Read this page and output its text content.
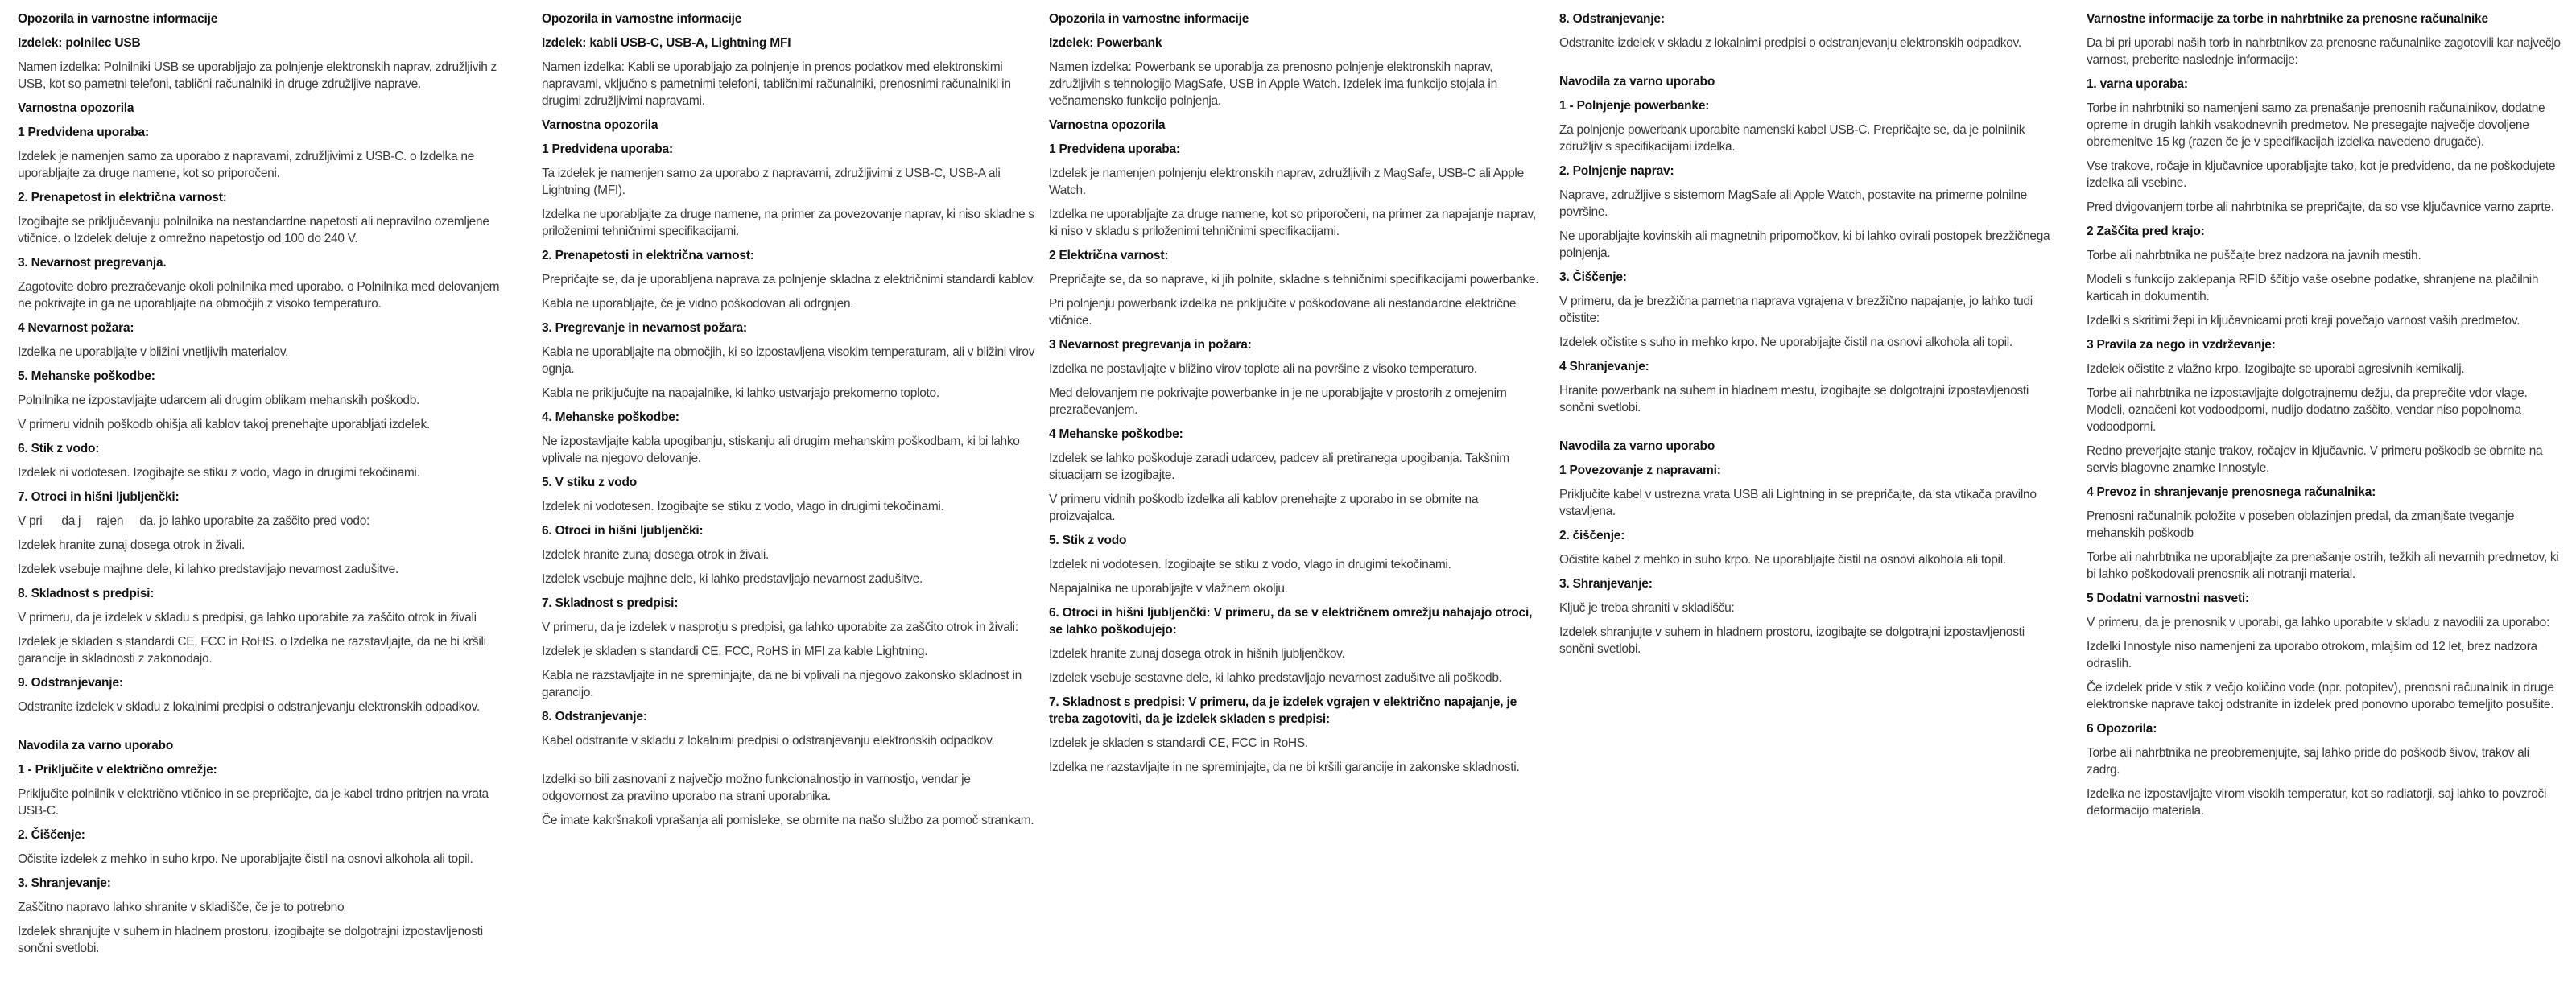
Opozorila in varnostne informacije
Izdelek: polnilec USB
Namen izdelka: Polnilniki USB se uporabljajo za polnjenje elektronskih naprav, združljivih z USB, kot so pametni telefoni, tablični računalniki in druge združljive naprave.
Varnostna opozorila
1 Predvidena uporaba:
Izdelek je namenjen samo za uporabo z napravami, združljivimi z USB-C. o Izdelka ne uporabljajte za druge namene, kot so priporočeni.
2. Prenapetost in električna varnost:
Izogibajte se priključevanju polnilnika na nestandardne napetosti ali nepravilno ozemljene vtičnice. o Izdelek deluje z omrežno napetostjo od 100 do 240 V.
3. Nevarnost pregrevanja.
Zagotovite dobro prezračevanje okoli polnilnika med uporabo. o Polnilnika med delovanjem ne pokrivajte in ga ne uporabljajte na območjih z visoko temperaturo.
4 Nevarnost požara:
Izdelka ne uporabljajte v bližini vnetljivih materialov.
5. Mehanske poškodbe:
Polnilnika ne izpostavljajte udarcem ali drugim oblikam mehanskih poškodb.
V primeru vidnih poškodb ohišja ali kablov takoj prenehajte uporabljati izdelek.
6. Stik z vodo:
Izdelek ni vodotesen. Izogibajte se stiku z vodo, vlago in drugimi tekočinami.
7. Otroci in hišni ljubljenčki:
V pri      da j     rajen     da, jo lahko uporabite za zaščito pred vodo:
Izdelek hranite zunaj dosega otrok in živali.
Izdelek vsebuje majhne dele, ki lahko predstavljajo nevarnost zadušitve.
8. Skladnost s predpisi:
V primeru, da je izdelek v skladu s predpisi, ga lahko uporabite za zaščito otrok in živali
Izdelek je skladen s standardi CE, FCC in RoHS. o Izdelka ne razstavljajte, da ne bi kršili garancije in skladnosti z zakonodajo.
9. Odstranjevanje:
Odstranite izdelek v skladu z lokalnimi predpisi o odstranjevanju elektronskih odpadkov.
Navodila za varno uporabo
1 - Priključite v električno omrežje:
Priključite polnilnik v električno vtičnico in se prepričajte, da je kabel trdno pritrjen na vrata USB-C.
2. Čiščenje:
Očistite izdelek z mehko in suho krpo. Ne uporabljajte čistil na osnovi alkohola ali topil.
3. Shranjevanje:
Zaščitno napravo lahko shranite v skladišče, če je to potrebno
Izdelek shranjujte v suhem in hladnem prostoru, izogibajte se dolgotrajni izpostavljenosti sončni svetlobi.
Opozorila in varnostne informacije
Izdelek: kabli USB-C, USB-A, Lightning MFI
Namen izdelka: Kabli se uporabljajo za polnjenje in prenos podatkov med elektronskimi napravami, vključno s pametnimi telefoni, tabličnimi računalniki, prenosnimi računalniki in drugimi združljivimi napravami.
Varnostna opozorila
1 Predvidena uporaba:
Ta izdelek je namenjen samo za uporabo z napravami, združljivimi z USB-C, USB-A ali Lightning (MFI).
Izdelka ne uporabljajte za druge namene, na primer za povezovanje naprav, ki niso skladne s priloženimi tehničnimi specifikacijami.
2. Prenapetosti in električna varnost:
Prepričajte se, da je uporabljena naprava za polnjenje skladna z električnimi standardi kablov.
Kabla ne uporabljajte, če je vidno poškodovan ali odrgnjen.
3. Pregrevanje in nevarnost požara:
Kabla ne uporabljajte na območjih, ki so izpostavljena visokim temperaturam, ali v bližini virov ognja.
Kabla ne priključujte na napajalnike, ki lahko ustvarjajo prekomerno toploto.
4. Mehanske poškodbe:
Ne izpostavljajte kabla upogibanju, stiskanju ali drugim mehanskim poškodbam, ki bi lahko vplivale na njegovo delovanje.
5. V stiku z vodo
Izdelek ni vodotesen. Izogibajte se stiku z vodo, vlago in drugimi tekočinami.
6. Otroci in hišni ljubljenčki:
Izdelek hranite zunaj dosega otrok in živali.
Izdelek vsebuje majhne dele, ki lahko predstavljajo nevarnost zadušitve.
7. Skladnost s predpisi:
V primeru, da je izdelek v nasprotju s predpisi, ga lahko uporabite za zaščito otrok in živali:
Izdelek je skladen s standardi CE, FCC, RoHS in MFI za kable Lightning.
Kabla ne razstavljajte in ne spreminjajte, da ne bi vplivali na njegovo zakonsko skladnost in garancijo.
8. Odstranjevanje:
Kabel odstranite v skladu z lokalnimi predpisi o odstranjevanju elektronskih odpadkov.
Izdelki so bili zasnovani z največjo možno funkcionalnostjo in varnostjo, vendar je odgovornost za pravilno uporabo na strani uporabnika.
Če imate kakršnakoli vprašanja ali pomisleke, se obrnite na našo službo za pomoč strankam.
Opozorila in varnostne informacije
Izdelek: Powerbank
Namen izdelka: Powerbank se uporablja za prenosno polnjenje elektronskih naprav, združljivih s tehnologijo MagSafe, USB in Apple Watch. Izdelek ima funkcijo stojala in večnamensko funkcijo polnjenja.
Varnostna opozorila
1 Predvidena uporaba:
Izdelek je namenjen polnjenju elektronskih naprav, združljivih z MagSafe, USB-C ali Apple Watch.
Izdelka ne uporabljajte za druge namene, kot so priporočeni, na primer za napajanje naprav, ki niso v skladu s priloženimi tehničnimi specifikacijami.
2 Električna varnost:
Prepričajte se, da so naprave, ki jih polnite, skladne s tehničnimi specifikacijami powerbanke.
Pri polnjenju powerbank izdelka ne priključite v poškodovane ali nestandardne električne vtičnice.
3 Nevarnost pregrevanja in požara:
Izdelka ne postavljajte v bližino virov toplote ali na površine z visoko temperaturo.
Med delovanjem ne pokrivajte powerbanke in je ne uporabljajte v prostorih z omejenim prezračevanjem.
4 Mehanske poškodbe:
Izdelek se lahko poškoduje zaradi udarcev, padcev ali pretiranega upogibanja. Takšnim situacijam se izogibajte.
V primeru vidnih poškodb izdelka ali kablov prenehajte z uporabo in se obrnite na proizvajalca.
5. Stik z vodo
Izdelek ni vodotesen. Izogibajte se stiku z vodo, vlago in drugimi tekočinami.
Napajalnika ne uporabljajte v vlažnem okolju.
6. Otroci in hišni ljubljenčki: V primeru, da se v električnem omrežju nahajajo otroci, se lahko poškodujejo:
Izdelek hranite zunaj dosega otrok in hišnih ljubljenčkov.
Izdelek vsebuje sestavne dele, ki lahko predstavljajo nevarnost zadušitve ali poškodb.
7. Skladnost s predpisi: V primeru, da je izdelek vgrajen v električno napajanje, je treba zagotoviti, da je izdelek skladen s predpisi:
Izdelek je skladen s standardi CE, FCC in RoHS.
Izdelka ne razstavljajte in ne spreminjajte, da ne bi kršili garancije in zakonske skladnosti.
8. Odstranjevanje:
Odstranite izdelek v skladu z lokalnimi predpisi o odstranjevanju elektronskih odpadkov.
Navodila za varno uporabo
1 - Polnjenje powerbanke:
Za polnjenje powerbank uporabite namenski kabel USB-C. Prepričajte se, da je polnilnik združljiv s specifikacijami izdelka.
2. Polnjenje naprav:
Naprave, združljive s sistemom MagSafe ali Apple Watch, postavite na primerne polnilne površine.
Ne uporabljajte kovinskih ali magnetnih pripomočkov, ki bi lahko ovirali postopek brezžičnega polnjenja.
3. Čiščenje:
V primeru, da je brezžična pametna naprava vgrajena v brezžično napajanje, jo lahko tudi očistite:
Izdelek očistite s suho in mehko krpo. Ne uporabljajte čistil na osnovi alkohola ali topil.
4 Shranjevanje:
Hranite powerbank na suhem in hladnem mestu, izogibajte se dolgotrajni izpostavljenosti sončni svetlobi.
Navodila za varno uporabo
1 Povezovanje z napravami:
Priključite kabel v ustrezna vrata USB ali Lightning in se prepričajte, da sta vtikača pravilno vstavljena.
2. čiščenje:
Očistite kabel z mehko in suho krpo. Ne uporabljajte čistil na osnovi alkohola ali topil.
3. Shranjevanje:
Ključ je treba shraniti v skladišču:
Izdelek shranjujte v suhem in hladnem prostoru, izogibajte se dolgotrajni izpostavljenosti sončni svetlobi.
Varnostne informacije za torbe in nahrbtnike za prenosne računalnike
Da bi pri uporabi naših torb in nahrbtnikov za prenosne računalnike zagotovili kar največjo varnost, preberite naslednje informacije:
1. varna uporaba:
Torbe in nahrbtniki so namenjeni samo za prenašanje prenosnih računalnikov, dodatne opreme in drugih lahkih vsakodnevnih predmetov. Ne presegajte največje dovoljene obremenitve 15 kg (razen če je v specifikacijah izdelka navedeno drugače).
Vse trakove, ročaje in ključavnice uporabljajte tako, kot je predvideno, da ne poškodujete izdelka ali vsebine.
Pred dvigovanjem torbe ali nahrbtnika se prepričajte, da so vse ključavnice varno zaprte.
2 Zaščita pred krajo:
Torbe ali nahrbtnika ne puščajte brez nadzora na javnih mestih.
Modeli s funkcijo zaklepanja RFID ščitijo vaše osebne podatke, shranjene na plačilnih karticah in dokumentih.
Izdelki s skritimi žepi in ključavnicami proti kraji povečajo varnost vaših predmetov.
3 Pravila za nego in vzdrževanje:
Izdelek očistite z vlažno krpo. Izogibajte se uporabi agresivnih kemikalij.
Torbe ali nahrbtnika ne izpostavljajte dolgotrajnemu dežju, da preprečite vdor vlage. Modeli, označeni kot vodoodporni, nudijo dodatno zaščito, vendar niso popolnoma vodoodporni.
Redno preverjajte stanje trakov, ročajev in ključavnic. V primeru poškodb se obrnite na servis blagovne znamke Innostyle.
4 Prevoz in shranjevanje prenosnega računalnika:
Prenosni računalnik položite v poseben oblazinjen predal, da zmanjšate tveganje mehanskih poškodb
Torbe ali nahrbtnika ne uporabljajte za prenašanje ostrih, težkih ali nevarnih predmetov, ki bi lahko poškodovali prenosnik ali notranji material.
5 Dodatni varnostni nasveti:
V primeru, da je prenosnik v uporabi, ga lahko uporabite v skladu z navodili za uporabo:
Izdelki Innostyle niso namenjeni za uporabo otrokom, mlajšim od 12 let, brez nadzora odraslih.
Če izdelek pride v stik z večjo količino vode (npr. potopitev), prenosni računalnik in druge elektronske naprave takoj odstranite in izdelek pred ponovno uporabo temeljito posušite.
6 Opozorila:
Torbe ali nahrbtnika ne preobremenjujte, saj lahko pride do poškodb šivov, trakov ali zadrg.
Izdelka ne izpostavljajte virom visokih temperatur, kot so radiatorji, saj lahko to povzroči deformacijo materiala.
